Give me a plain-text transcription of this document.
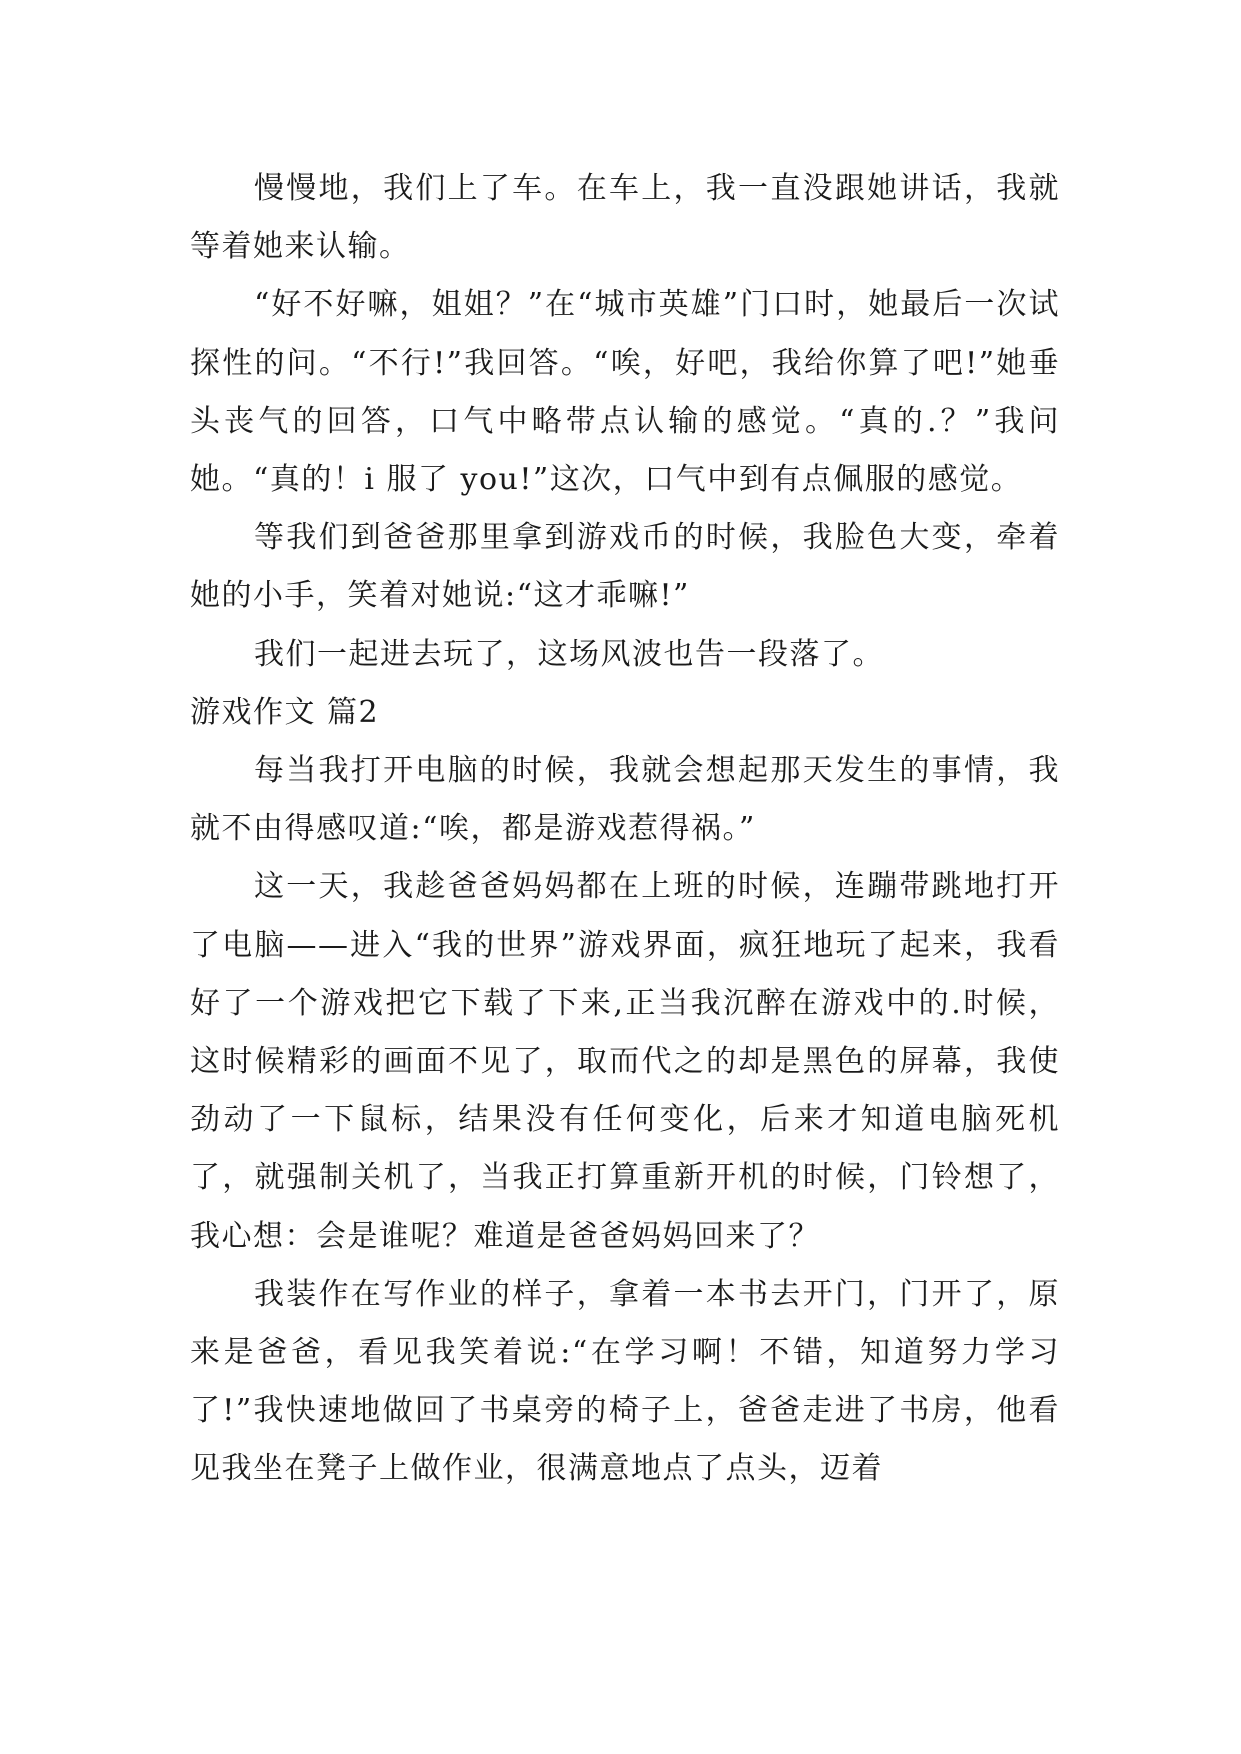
慢慢地，我们上了车。在车上，我一直没跟她讲话，我就等着她来认输。

“好不好嘛，姐姐？”在“城市英雄”门口时，她最后一次试探性的问。“不行!”我回答。“唉，好吧，我给你算了吧!”她垂头丧气的回答，口气中略带点认输的感觉。“真的.？”我问她。“真的！i 服了 you!”这次，口气中到有点佩服的感觉。

等我们到爸爸那里拿到游戏币的时候，我脸色大变，牵着她的小手，笑着对她说:“这才乖嘛!”

我们一起进去玩了，这场风波也告一段落了。

游戏作文 篇2

每当我打开电脑的时候，我就会想起那天发生的事情，我就不由得感叹道:“唉，都是游戏惹得祸。”

这一天，我趁爸爸妈妈都在上班的时候，连蹦带跳地打开了电脑——进入“我的世界”游戏界面，疯狂地玩了起来，我看好了一个游戏把它下载了下来,正当我沉醉在游戏中的.时候，这时候精彩的画面不见了，取而代之的却是黑色的屏幕，我使劲动了一下鼠标，结果没有任何变化，后来才知道电脑死机了，就强制关机了，当我正打算重新开机的时候，门铃想了，我心想：会是谁呢？难道是爸爸妈妈回来了？

我装作在写作业的样子，拿着一本书去开门，门开了，原来是爸爸，看见我笑着说:“在学习啊！不错，知道努力学习了!”我快速地做回了书桌旁的椅子上，爸爸走进了书房，他看见我坐在凳子上做作业，很满意地点了点头，迈着
